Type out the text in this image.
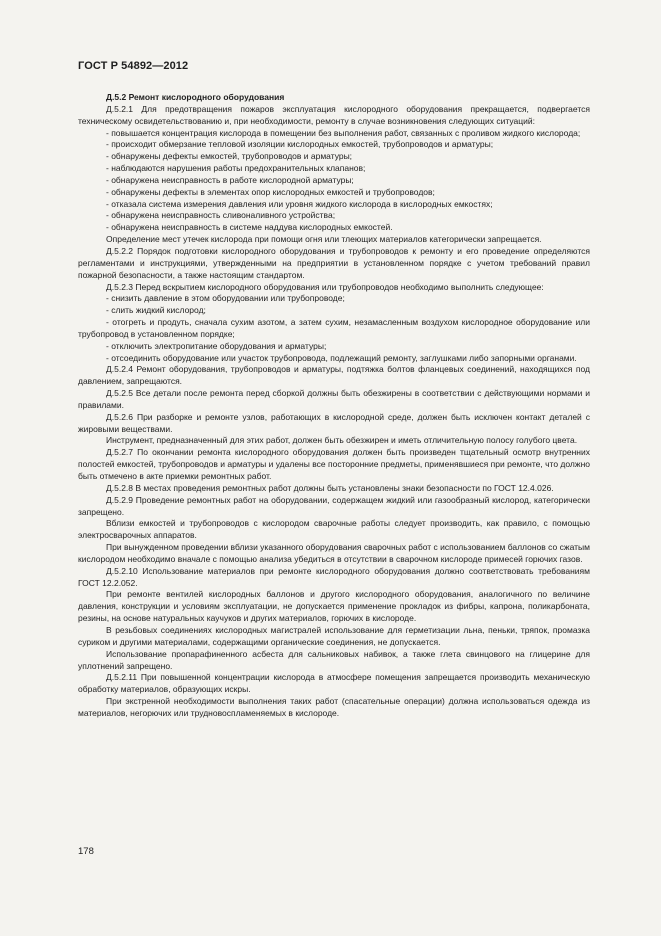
ГОСТ Р 54892—2012

Д.5.2 Ремонт кислородного оборудования

Д.5.2.1 Для предотвращения пожаров эксплуатация кислородного оборудования прекращается, подвергается техническому освидетельствованию и, при необходимости, ремонту в случае возникновения следующих ситуаций:

- повышается концентрация кислорода в помещении без выполнения работ, связанных с проливом жидкого кислорода;

- происходит обмерзание тепловой изоляции кислородных емкостей, трубопроводов и арматуры;

- обнаружены дефекты емкостей, трубопроводов и арматуры;

- наблюдаются нарушения работы предохранительных клапанов;

- обнаружена неисправность в работе кислородной арматуры;

- обнаружены дефекты в элементах опор кислородных емкостей и трубопроводов;

- отказала система измерения давления или уровня жидкого кислорода в кислородных емкостях;

- обнаружена неисправность сливоналивного устройства;

- обнаружена неисправность в системе наддува кислородных емкостей.

Определение мест утечек кислорода при помощи огня или тлеющих материалов категорически запрещается.

Д.5.2.2 Порядок подготовки кислородного оборудования и трубопроводов к ремонту и его проведение определяются регламентами и инструкциями, утвержденными на предприятии в установленном порядке с учетом требований правил пожарной безопасности, а также настоящим стандартом.

Д.5.2.3 Перед вскрытием кислородного оборудования или трубопроводов необходимо выполнить следующее:

- снизить давление в этом оборудовании или трубопроводе;

- слить жидкий кислород;

- отогреть и продуть, сначала сухим азотом, а затем сухим, незамасленным воздухом кислородное оборудование или трубопровод в установленном порядке;

- отключить электропитание оборудования и арматуры;

- отсоединить оборудование или участок трубопровода, подлежащий ремонту, заглушками либо запорными органами.

Д.5.2.4 Ремонт оборудования, трубопроводов и арматуры, подтяжка болтов фланцевых соединений, находящихся под давлением, запрещаются.

Д.5.2.5 Все детали после ремонта перед сборкой должны быть обезжирены в соответствии с действующими нормами и правилами.

Д.5.2.6 При разборке и ремонте узлов, работающих в кислородной среде, должен быть исключен контакт деталей с жировыми веществами.

Инструмент, предназначенный для этих работ, должен быть обезжирен и иметь отличительную полосу голубого цвета.

Д.5.2.7 По окончании ремонта кислородного оборудования должен быть произведен тщательный осмотр внутренних полостей емкостей, трубопроводов и арматуры и удалены все посторонние предметы, применявшиеся при ремонте, что должно быть отмечено в акте приемки ремонтных работ.

Д.5.2.8 В местах проведения ремонтных работ должны быть установлены знаки безопасности по ГОСТ 12.4.026.

Д.5.2.9 Проведение ремонтных работ на оборудовании, содержащем жидкий или газообразный кислород, категорически запрещено.

Вблизи емкостей и трубопроводов с кислородом сварочные работы следует производить, как правило, с помощью электросварочных аппаратов.

При вынужденном проведении вблизи указанного оборудования сварочных работ с использованием баллонов со сжатым кислородом необходимо вначале с помощью анализа убедиться в отсутствии в сварочном кислороде примесей горючих газов.

Д.5.2.10 Использование материалов при ремонте кислородного оборудования должно соответствовать требованиям ГОСТ 12.2.052.

При ремонте вентилей кислородных баллонов и другого кислородного оборудования, аналогичного по величине давления, конструкции и условиям эксплуатации, не допускается применение прокладок из фибры, капрона, поликарбоната, резины, на основе натуральных каучуков и других материалов, горючих в кислороде.

В резьбовых соединениях кислородных магистралей использование для герметизации льна, пеньки, тряпок, промазка суриком и другими материалами, содержащими органические соединения, не допускается.

Использование пропарафиненного асбеста для сальниковых набивок, а также глета свинцового на глицерине для уплотнений запрещено.

Д.5.2.11 При повышенной концентрации кислорода в атмосфере помещения запрещается производить механическую обработку материалов, образующих искры.

При экстренной необходимости выполнения таких работ (спасательные операции) должна использоваться одежда из материалов, негорючих или трудновоспламеняемых в кислороде.

178
